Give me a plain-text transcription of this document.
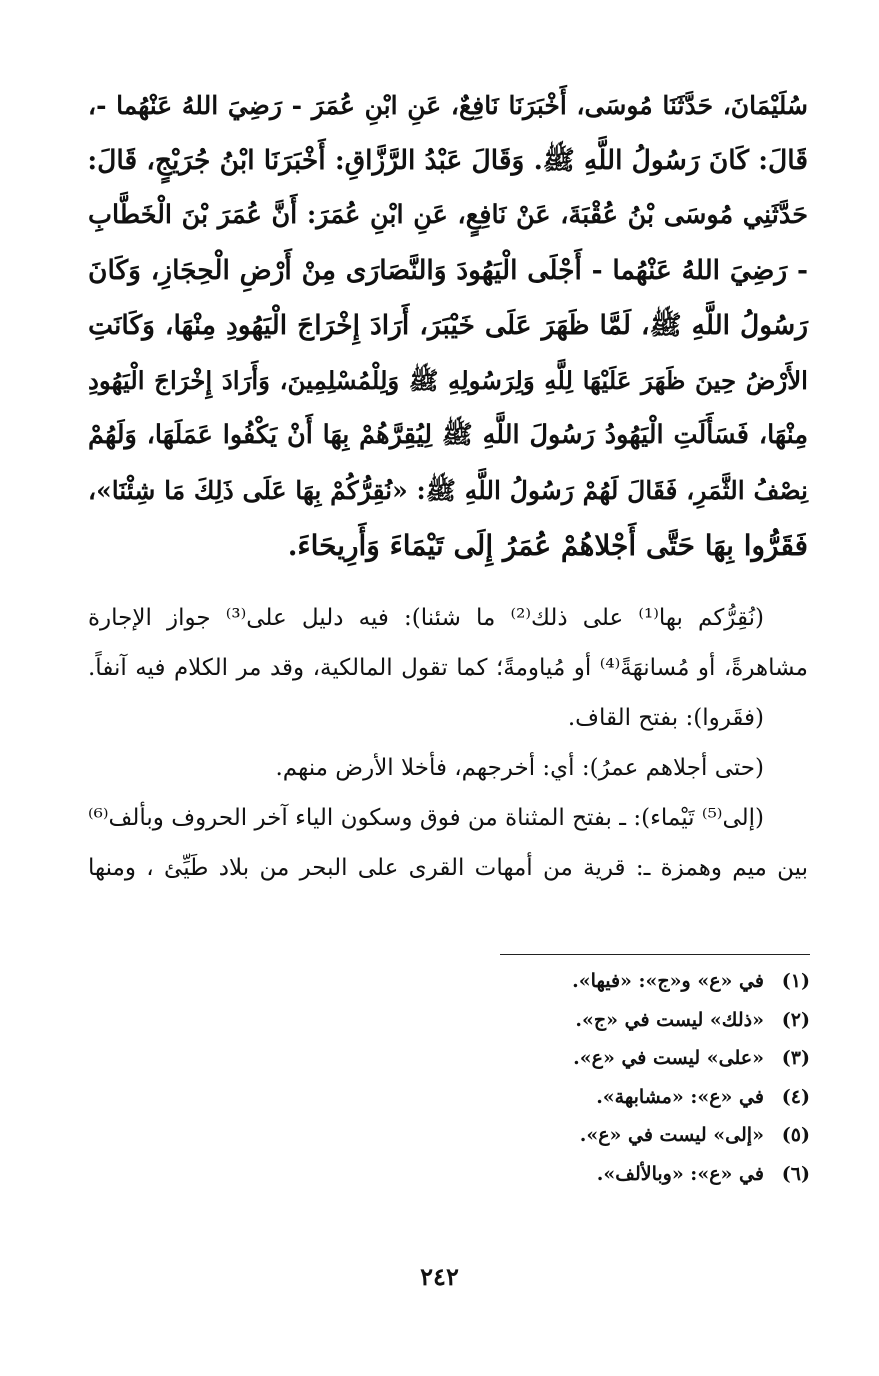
سُلَيْمَانَ، حَدَّثَنَا مُوسَى، أَخْبَرَنَا نَافِعٌ، عَنِ ابْنِ عُمَرَ - رَضِيَ اللهُ عَنْهُما -،
قَالَ: كَانَ رَسُولُ اللَّهِ ﷺ. وَقَالَ عَبْدُ الرَّزَّاقِ: أَخْبَرَنَا ابْنُ جُرَيْجٍ، قَالَ:
حَدَّثَنِي مُوسَى بْنُ عُقْبَةَ، عَنْ نَافِعٍ، عَنِ ابْنِ عُمَرَ: أَنَّ عُمَرَ بْنَ الْخَطَّابِ
- رَضِيَ اللهُ عَنْهُما - أَجْلَى الْيَهُودَ وَالنَّصَارَى مِنْ أَرْضِ الْحِجَازِ، وَكَانَ
رَسُولُ اللَّهِ ﷺ، لَمَّا ظَهَرَ عَلَى خَيْبَرَ، أَرَادَ إِخْرَاجَ الْيَهُودِ مِنْهَا، وَكَانَتِ
الأَرْضُ حِينَ ظَهَرَ عَلَيْهَا لِلَّهِ وَلِرَسُولِهِ ﷺ وَلِلْمُسْلِمِينَ، وَأَرَادَ إِخْرَاجَ الْيَهُودِ
مِنْهَا، فَسَأَلَتِ الْيَهُودُ رَسُولَ اللَّهِ ﷺ لِيُقِرَّهُمْ بِهَا أَنْ يَكْفُوا عَمَلَهَا، وَلَهُمْ
نِصْفُ الثَّمَرِ، فَقَالَ لَهُمْ رَسُولُ اللَّهِ ﷺ: «نُقِرُّكُمْ بِهَا عَلَى ذَلِكَ مَا شِئْنَا»،
فَقَرُّوا بِهَا حَتَّى أَجْلاهُمْ عُمَرُ إِلَى تَيْمَاءَ وَأَرِيحَاءَ.
(نُقِرُّكم بها⁽¹⁾ على ذلك⁽²⁾ ما شئنا): فيه دليل على⁽³⁾ جواز الإجارة
مشاهرةً، أو مُسانهَةً⁽⁴⁾ أو مُياومةً؛ كما تقول المالكية، وقد مر الكلام فيه آنفاً.
(فقَروا): بفتح القاف.
(حتى أجلاهم عمرُ): أي: أخرجهم، فأخلا الأرض منهم.
(إلى⁽⁵⁾ تَيْماء): ـ بفتح المثناة من فوق وسكون الياء آخر الحروف وبألف⁽⁶⁾
بين ميم وهمزة ـ: قرية من أمهات القرى على البحر من بلاد طَيِّئ ، ومنها
(١) في «ع» و«ج»: «فيها».
(٢) «ذلك» ليست في «ج».
(٣) «على» ليست في «ع».
(٤) في «ع»: «مشابهة».
(٥) «إلى» ليست في «ع».
(٦) في «ع»: «وبالألف».
٢٤٢
